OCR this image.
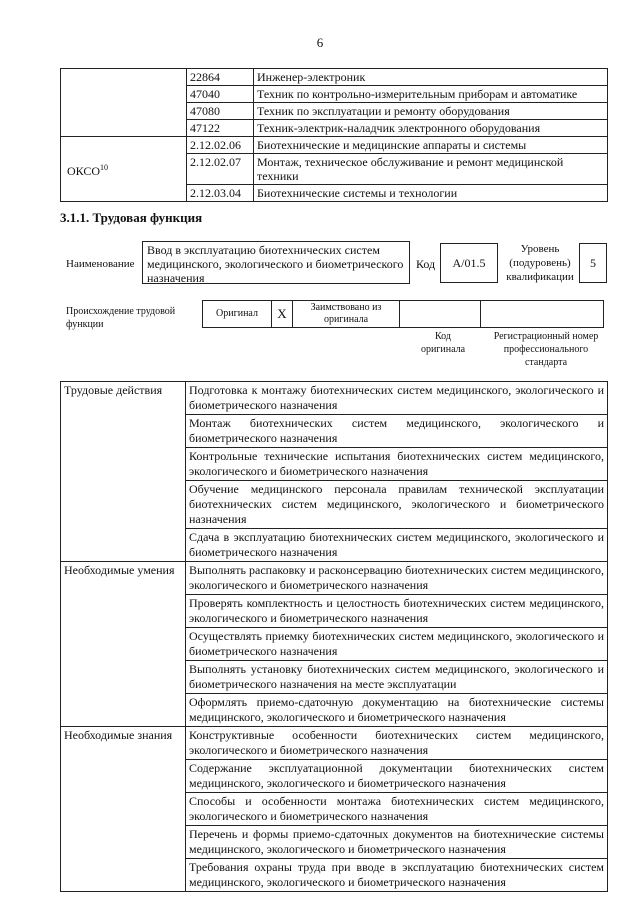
6
	22864	Инженер-электроник
	47040	Техник по контрольно-измерительным приборам и автоматике
	47080	Техник по эксплуатации и ремонту оборудования
	47122	Техник-электрик-наладчик электронного оборудования
ОКСО$^{10}$	2.12.02.06	Биотехнические и медицинские аппараты и системы
	2.12.02.07	Монтаж, техническое обслуживание и ремонт медицинской техники
	2.12.03.04	Биотехнические системы и технологии
3.1.1. Трудовая функция
Наименование
Ввод в эксплуатацию биотехнических систем медицинского, экологического и биометрического назначения
Код	A/01.5
Уровень (подуровень) квалификации
5
Происхождение трудовой функции
Оригинал	X	Заимствовано из оригинала		
Код оригинала
Регистрационный номер профессионального стандарта
Трудовые действия	Подготовка к монтажу биотехнических систем медицинского, экологического и биометрического назначения
	Монтаж биотехнических систем медицинского, экологического и биометрического назначения
	Контрольные технические испытания биотехнических систем медицинского, экологического и биометрического назначения
	Обучение медицинского персонала правилам технической эксплуатации биотехнических систем медицинского, экологического и биометрического назначения
	Сдача в эксплуатацию биотехнических систем медицинского, экологического и биометрического назначения
Необходимые умения	Выполнять распаковку и расконсервацию биотехнических систем медицинского, экологического и биометрического назначения
	Проверять комплектность и целостность биотехнических систем медицинского, экологического и биометрического назначения
	Осуществлять приемку биотехнических систем медицинского, экологического и биометрического назначения
	Выполнять установку биотехнических систем медицинского, экологического и биометрического назначения на месте эксплуатации
	Оформлять приемо-сдаточную документацию на биотехнические системы медицинского, экологического и биометрического назначения
Необходимые знания	Конструктивные особенности биотехнических систем медицинского, экологического и биометрического назначения
	Содержание эксплуатационной документации биотехнических систем медицинского, экологического и биометрического назначения
	Способы и особенности монтажа биотехнических систем медицинского, экологического и биометрического назначения
	Перечень и формы приемо-сдаточных документов на биотехнические системы медицинского, экологического и биометрического назначения
	Требования охраны труда при вводе в эксплуатацию биотехнических систем медицинского, экологического и биометрического назначения
